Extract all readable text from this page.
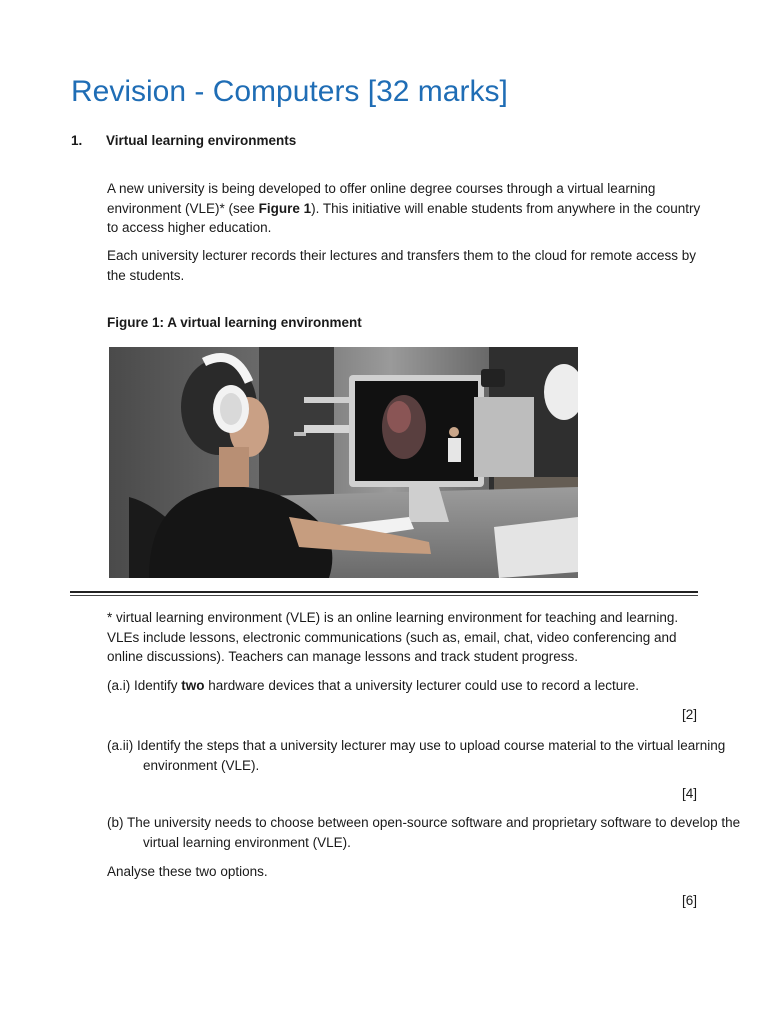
Revision - Computers [32 marks]
1. Virtual learning environments

A new university is being developed to offer online degree courses through a virtual learning environment (VLE)* (see Figure 1). This initiative will enable students from anywhere in the country to access higher education.

Each university lecturer records their lectures and transfers them to the cloud for remote access by the students.

Figure 1: A virtual learning environment

* virtual learning environment (VLE) is an online learning environment for teaching and learning. VLEs include lessons, electronic communications (such as, email, chat, video conferencing and online discussions). Teachers can manage lessons and track student progress.

(a.i) Identify two hardware devices that a university lecturer could use to record a lecture.

[2]

(a.ii) Identify the steps that a university lecturer may use to upload course material to the virtual learning environment (VLE).

[4]

(b) The university needs to choose between open-source software and proprietary software to develop the virtual learning environment (VLE).

Analyse these two options.

[6]
